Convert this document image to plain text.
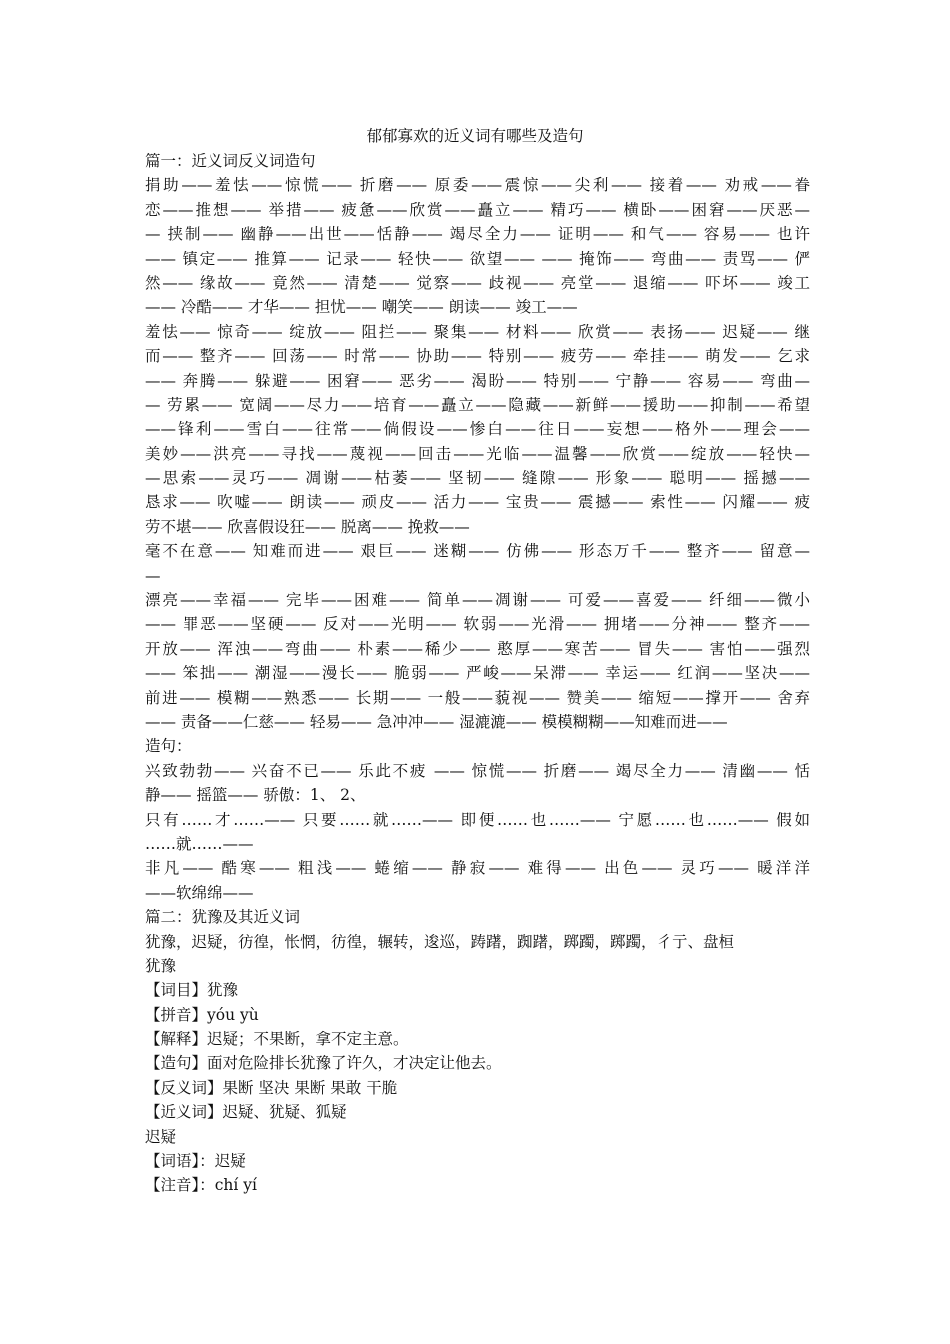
郁郁寡欢的近义词有哪些及造句
篇一：近义词反义词造句
捐助——羞怯——惊慌—— 折磨—— 原委——震惊——尖利—— 接着—— 劝戒——眷
恋——推想—— 举措—— 疲惫——欣赏——矗立—— 精巧—— 横卧——困窘——厌恶—
— 挟制—— 幽静——出世——恬静—— 竭尽全力—— 证明—— 和气—— 容易—— 也许
—— 镇定—— 推算—— 记录—— 轻快—— 欲望—— —— 掩饰—— 弯曲—— 责骂—— 俨
然—— 缘故—— 竟然—— 清楚—— 觉察—— 歧视—— 亮堂—— 退缩—— 吓坏—— 竣工
—— 冷酷—— 才华—— 担忧—— 嘲笑—— 朗读—— 竣工——
羞怯—— 惊奇—— 绽放—— 阻拦—— 聚集—— 材料—— 欣赏—— 表扬—— 迟疑—— 继
而—— 整齐—— 回荡—— 时常—— 协助—— 特别—— 疲劳—— 牵挂—— 萌发—— 乞求
—— 奔腾—— 躲避—— 困窘—— 恶劣—— 渴盼—— 特别—— 宁静—— 容易—— 弯曲—
— 劳累—— 宽阔——尽力——培育——矗立——隐藏——新鲜——援助——抑制——希望
——锋利——雪白——往常——倘假设——惨白——往日——妄想——格外——理会——
美妙——洪亮——寻找——蔑视——回击——光临——温馨——欣赏——绽放——轻快—
—思索——灵巧—— 凋谢——枯萎—— 坚韧—— 缝隙—— 形象—— 聪明—— 摇撼——
恳求—— 吹嘘—— 朗读—— 顽皮—— 活力—— 宝贵—— 震撼—— 索性—— 闪耀—— 疲
劳不堪—— 欣喜假设狂—— 脱离—— 挽救——
毫不在意—— 知难而进—— 艰巨—— 迷糊—— 仿佛—— 形态万千—— 整齐—— 留意—
—
漂亮——幸福—— 完毕——困难—— 简单——凋谢—— 可爱——喜爱—— 纤细——微小
—— 罪恶——坚硬—— 反对——光明—— 软弱——光滑—— 拥堵——分神—— 整齐——
开放—— 浑浊——弯曲—— 朴素——稀少—— 憨厚——寒苦—— 冒失—— 害怕——强烈
—— 笨拙—— 潮湿——漫长—— 脆弱—— 严峻——呆滞—— 幸运—— 红润——坚决——
前进—— 模糊——熟悉—— 长期—— 一般——藐视—— 赞美—— 缩短——撑开—— 舍弃
—— 责备——仁慈—— 轻易—— 急冲冲—— 湿漉漉—— 模模糊糊——知难而进——
造句：
兴致勃勃—— 兴奋不已—— 乐此不疲 —— 惊慌—— 折磨—— 竭尽全力—— 清幽—— 恬
静—— 摇篮—— 骄傲：1、 2、
只有……才……—— 只要……就……—— 即便……也……—— 宁愿……也……—— 假如
……就……——
非凡—— 酷寒—— 粗浅—— 蜷缩—— 静寂—— 难得—— 出色—— 灵巧—— 暖洋洋
——软绵绵——
篇二：犹豫及其近义词
犹豫，迟疑，彷徨，怅惘，彷徨，辗转，逡巡，踌躇，踟躇，踯躅，踯躅，彳亍、盘桓
犹豫
【词目】犹豫
【拼音】yóu yù
【解释】迟疑；不果断，拿不定主意。
【造句】面对危险排长犹豫了许久，才决定让他去。
【反义词】果断 坚决 果断 果敢 干脆
【近义词】迟疑、犹疑、狐疑
迟疑
【词语】：迟疑
【注音】：chí yí
